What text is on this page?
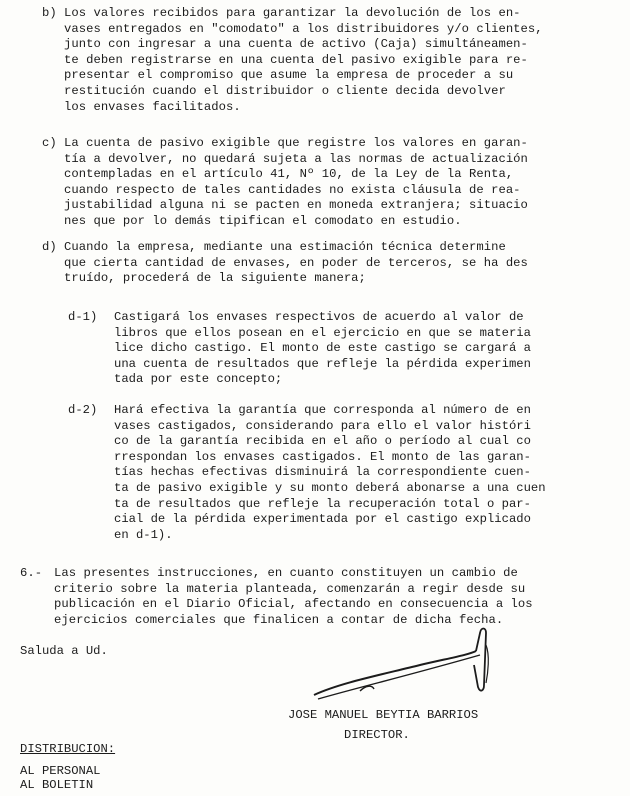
b) Los valores recibidos para garantizar la devolución de los en-
vases entregados en "comodato" a los distribuidores y/o clientes,
junto con ingresar a una cuenta de activo (Caja) simultáneamen-
te deben registrarse en una cuenta del pasivo exigible para re-
presentar el compromiso que asume la empresa de proceder a su
restitución cuando el distribuidor o cliente decida devolver
los envases facilitados.
c) La cuenta de pasivo exigible que registre los valores en garan-
tía a devolver, no quedará sujeta a las normas de actualización
contempladas en el artículo 41, Nº 10, de la Ley de la Renta,
cuando respecto de tales cantidades no exista cláusula de rea-
justabilidad alguna ni se pacten en moneda extranjera; situacio
nes que por lo demás tipifican el comodato en estudio.
d) Cuando la empresa, mediante una estimación técnica determine
que cierta cantidad de envases, en poder de terceros, se ha des
truído, procederá de la siguiente manera;
d-1) Castigará los envases respectivos de acuerdo al valor de
libros que ellos posean en el ejercicio en que se materia
lice dicho castigo. El monto de este castigo se cargará a
una cuenta de resultados que refleje la pérdida experimen
tada por este concepto;
d-2) Hará efectiva la garantía que corresponda al número de en
vases castigados, considerando para ello el valor históri
co de la garantía recibida en el año o período al cual co
rrespondan los envases castigados. El monto de las garan-
tías hechas efectivas disminuirá la correspondiente cuen-
ta de pasivo exigible y su monto deberá abonarse a una cuen
ta de resultados que refleje la recuperación total o par-
cial de la pérdida experimentada por el castigo explicado
en d-1).
6.- Las presentes instrucciones, en cuanto constituyen un cambio de
criterio sobre la materia planteada, comenzarán a regir desde su
publicación en el Diario Oficial, afectando en consecuencia a los
ejercicios comerciales que finalicen a contar de dicha fecha.
Saluda a Ud.
JOSE MANUEL BEYTIA BARRIOS
DIRECTOR.
DISTRIBUCION:
AL PERSONAL
AL BOLETIN
